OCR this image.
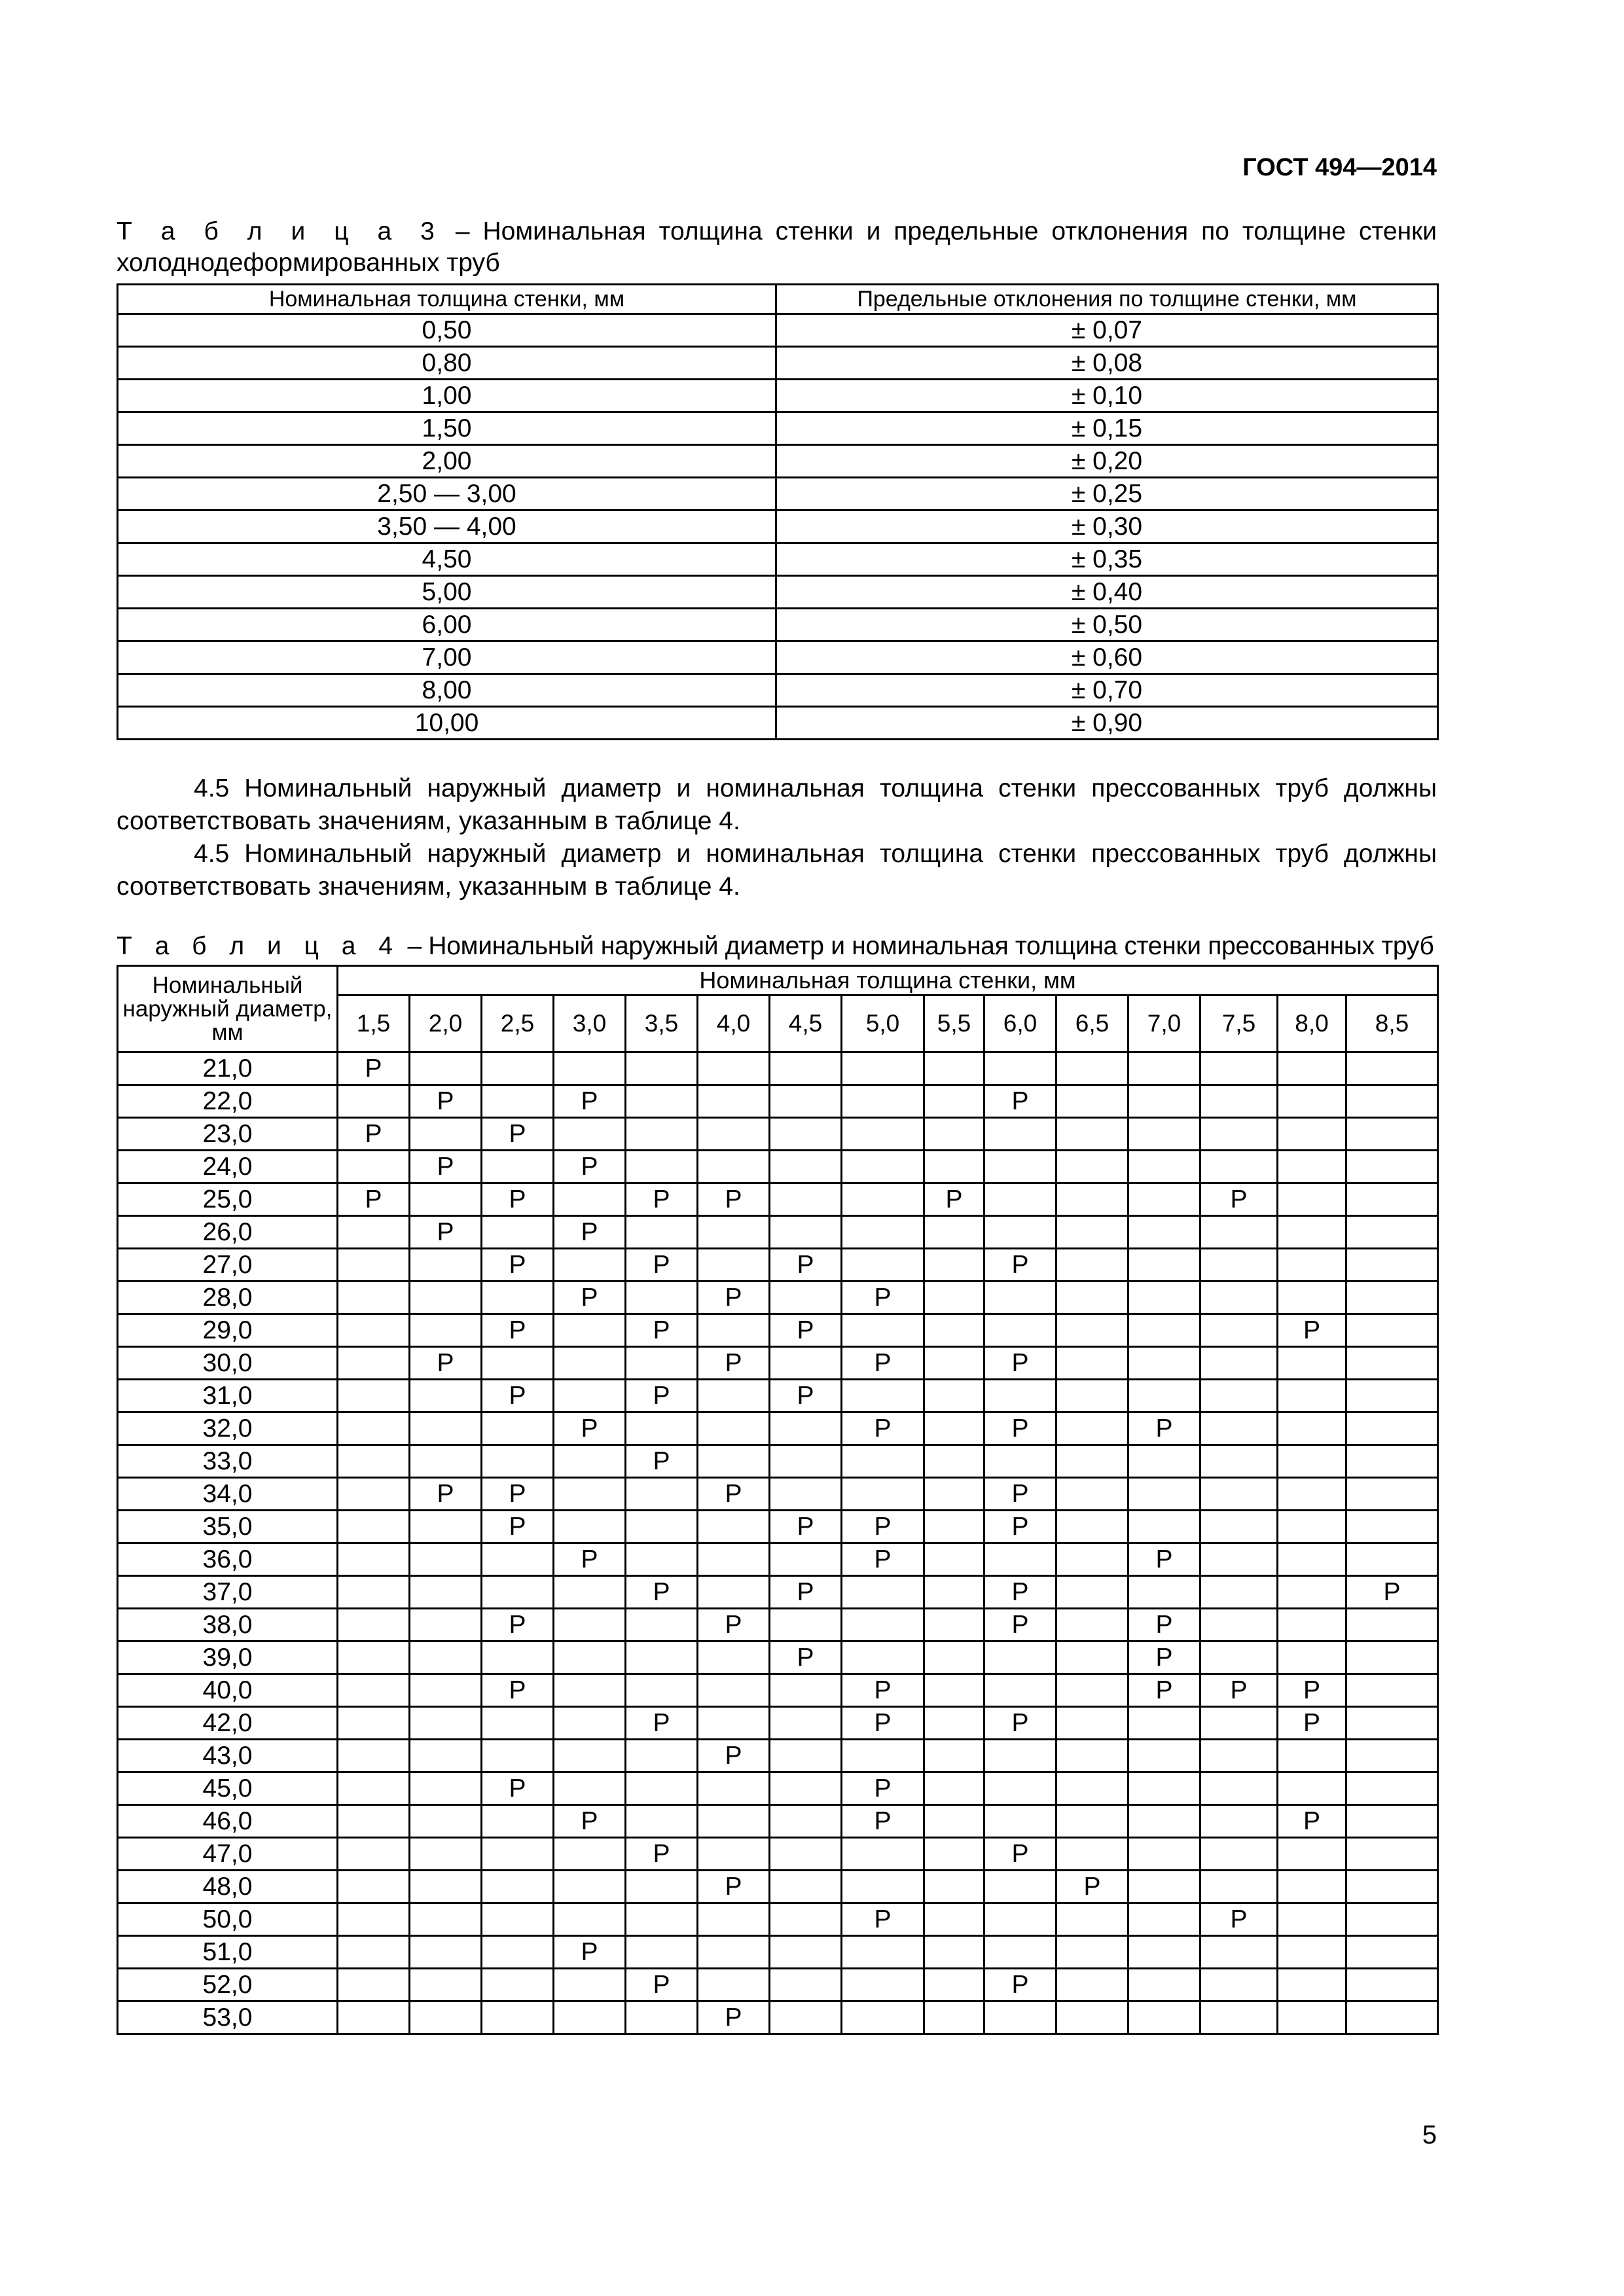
ГОСТ 494—2014
Т а б л и ц а 3 – Номинальная толщина стенки и предельные отклонения по толщине стенки холоднодеформированных труб
Номинальная толщина стенки, мм	Предельные отклонения по толщине стенки, мм
0,50	± 0,07
0,80	± 0,08
1,00	± 0,10
1,50	± 0,15
2,00	± 0,20
2,50 — 3,00	± 0,25
3,50 — 4,00	± 0,30
4,50	± 0,35
5,00	± 0,40
6,00	± 0,50
7,00	± 0,60
8,00	± 0,70
10,00	± 0,90
4.5 Номинальный наружный диаметр и номинальная толщина стенки прессованных труб должны соответствовать значениям, указанным в таблице 4.
4.5 Номинальный наружный диаметр и номинальная толщина стенки прессованных труб должны соответствовать значениям, указанным в таблице 4.
Т а б л и ц а 4 – Номинальный наружный диаметр и номинальная толщина стенки прессованных труб
Номинальный наружный диаметр, мм	Номинальная толщина стенки, мм														
	1,5	2,0	2,5	3,0	3,5	4,0	4,5	5,0	5,5	6,0	6,5	7,0	7,5	8,0	8,5
21,0	Р														
22,0		Р		Р						Р					
23,0	Р		Р												
24,0		Р		Р											
25,0	Р		Р		Р	Р			Р				Р		
26,0		Р		Р											
27,0			Р		Р		Р			Р					
28,0				Р		Р		Р							
29,0			Р		Р		Р							Р	
30,0		Р				Р		Р		Р					
31,0			Р		Р		Р								
32,0				Р				Р		Р		Р			
33,0					Р										
34,0		Р	Р			Р				Р					
35,0			Р				Р	Р		Р					
36,0				Р				Р				Р			
37,0					Р		Р			Р					Р
38,0			Р			Р				Р		Р			
39,0							Р					Р			
40,0			Р					Р				Р	Р	Р	
42,0					Р			Р		Р				Р	
43,0						Р									
45,0			Р					Р							
46,0				Р				Р						Р	
47,0					Р					Р					
48,0						Р					Р				
50,0								Р					Р		
51,0				Р											
52,0					Р					Р					
53,0						Р									
5
